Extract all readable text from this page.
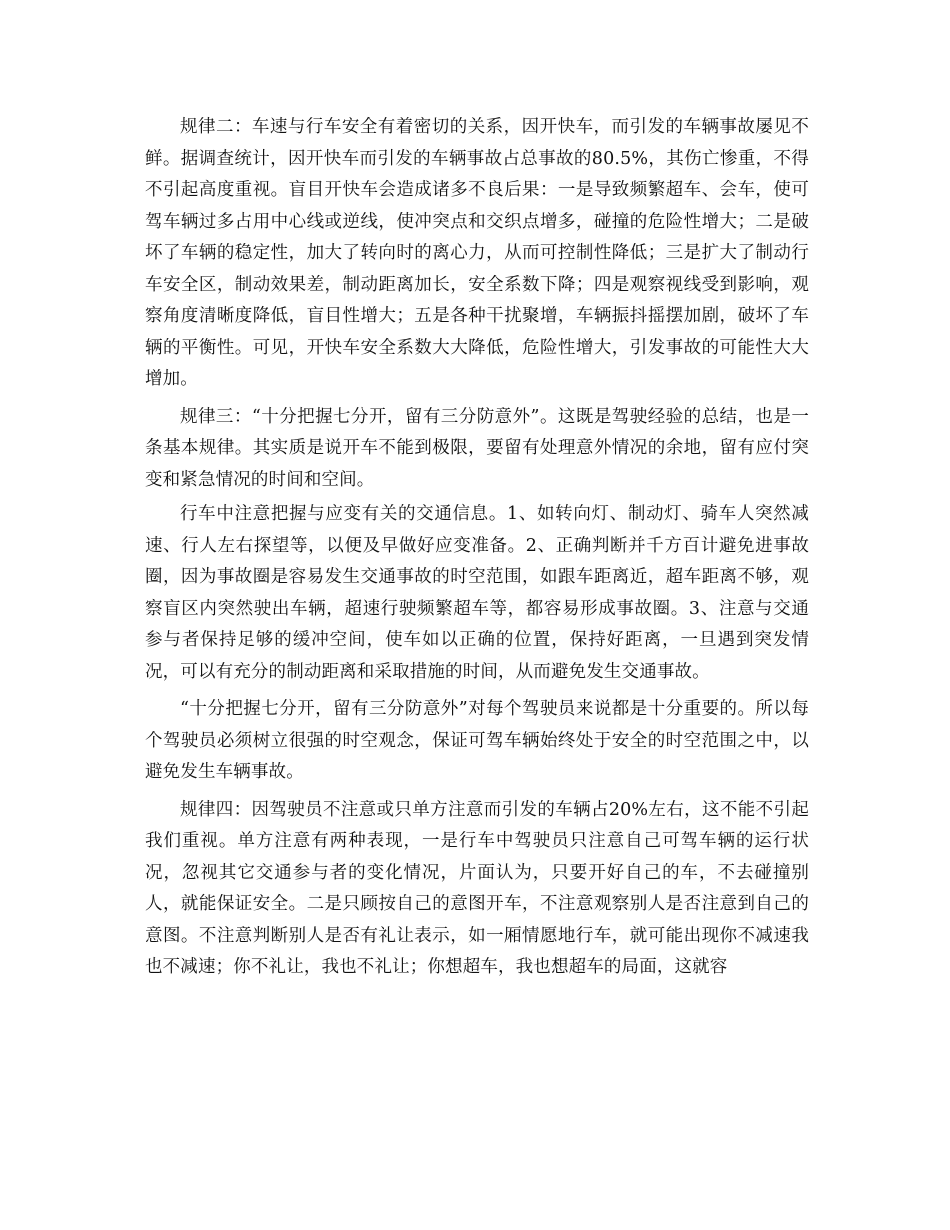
规律二：车速与行车安全有着密切的关系，因开快车，而引发的车辆事故屡见不鲜。据调查统计，因开快车而引发的车辆事故占总事故的80.5%，其伤亡惨重，不得不引起高度重视。盲目开快车会造成诸多不良后果：一是导致频繁超车、会车，使可驾车辆过多占用中心线或逆线，使冲突点和交织点增多，碰撞的危险性增大；二是破坏了车辆的稳定性，加大了转向时的离心力，从而可控制性降低；三是扩大了制动行车安全区，制动效果差，制动距离加长，安全系数下降；四是观察视线受到影响，观察角度清晰度降低，盲目性增大；五是各种干扰聚增，车辆振抖摇摆加剧，破坏了车辆的平衡性。可见，开快车安全系数大大降低，危险性增大，引发事故的可能性大大增加。

规律三：“十分把握七分开，留有三分防意外”。这既是驾驶经验的总结，也是一条基本规律。其实质是说开车不能到极限，要留有处理意外情况的余地，留有应付突变和紧急情况的时间和空间。

行车中注意把握与应变有关的交通信息。1、如转向灯、制动灯、骑车人突然减速、行人左右探望等，以便及早做好应变准备。2、正确判断并千方百计避免进事故圈，因为事故圈是容易发生交通事故的时空范围，如跟车距离近，超车距离不够，观察盲区内突然驶出车辆，超速行驶频繁超车等，都容易形成事故圈。3、注意与交通参与者保持足够的缓冲空间，使车如以正确的位置，保持好距离，一旦遇到突发情况，可以有充分的制动距离和采取措施的时间，从而避免发生交通事故。

“十分把握七分开，留有三分防意外”对每个驾驶员来说都是十分重要的。所以每个驾驶员必须树立很强的时空观念，保证可驾车辆始终处于安全的时空范围之中，以避免发生车辆事故。

规律四：因驾驶员不注意或只单方注意而引发的车辆占20%左右，这不能不引起我们重视。单方注意有两种表现，一是行车中驾驶员只注意自己可驾车辆的运行状况，忽视其它交通参与者的变化情况，片面认为，只要开好自己的车，不去碰撞别人，就能保证安全。二是只顾按自己的意图开车，不注意观察别人是否注意到自己的意图。不注意判断别人是否有礼让表示，如一厢情愿地行车，就可能出现你不减速我也不减速；你不礼让，我也不礼让；你想超车，我也想超车的局面，这就容
